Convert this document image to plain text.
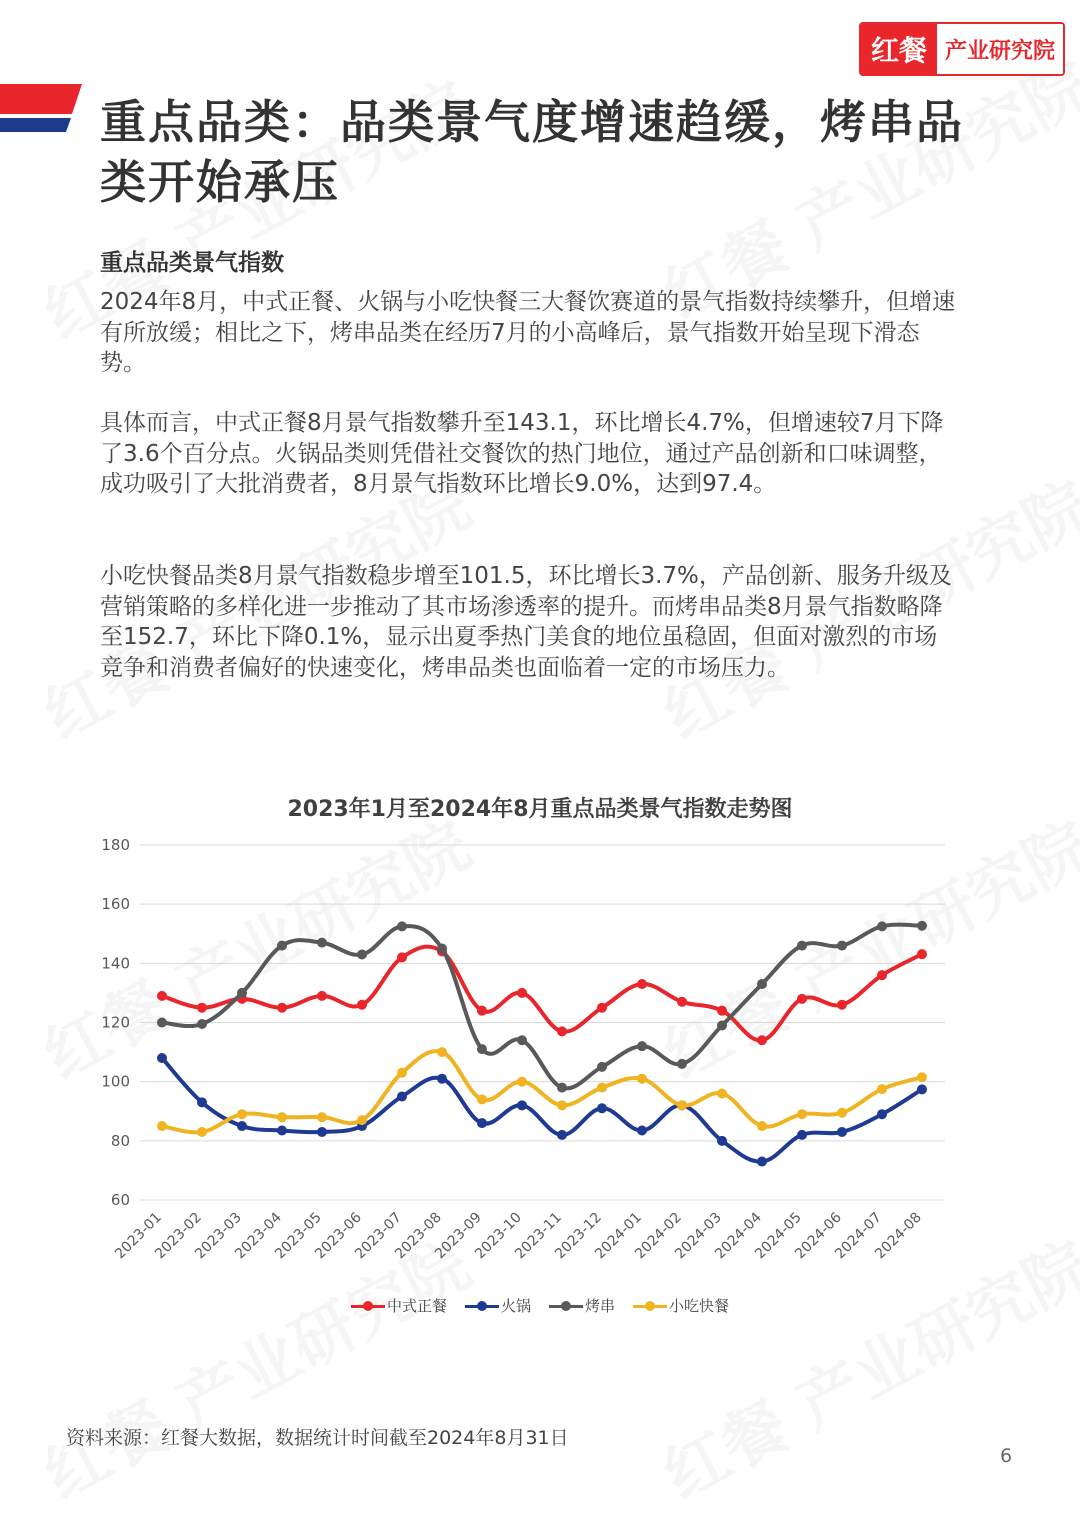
红餐 产业研究院
重点品类：品类景气度增速趋缓，烤串品类开始承压
重点品类景气指数

2024年8月，中式正餐、火锅与小吃快餐三大餐饮赛道的景气指数持续攀升，但增速有所放缓；相比之下，烤串品类在经历7月的小高峰后，景气指数开始呈现下滑态势。

具体而言，中式正餐8月景气指数攀升至143.1，环比增长4.7%，但增速较7月下降了3.6个百分点。火锅品类则凭借社交餐饮的热门地位，通过产品创新和口味调整，成功吸引了大批消费者，8月景气指数环比增长9.0%，达到97.4。

小吃快餐品类8月景气指数稳步增至101.5，环比增长3.7%，产品创新、服务升级及营销策略的多样化进一步推动了其市场渗透率的提升。而烤串品类8月景气指数略降至152.7，环比下降0.1%，显示出夏季热门美食的地位虽稳固，但面对激烈的市场竞争和消费者偏好的快速变化，烤串品类也面临着一定的市场压力。

2023年1月至2024年8月重点品类景气指数走势图
60
80
100
120
140
160
180
2023-01
2023-02
2023-03
2023-04
2023-05
2023-06
2023-07
2023-08
2023-09
2023-10
2023-11
2023-12
2024-01
2024-02
2024-03
2024-04
2024-05
2024-06
2024-07
2024-08
中式正餐	火锅	烤串	小吃快餐

资料来源：红餐大数据，数据统计时间截至2024年8月31日

6
